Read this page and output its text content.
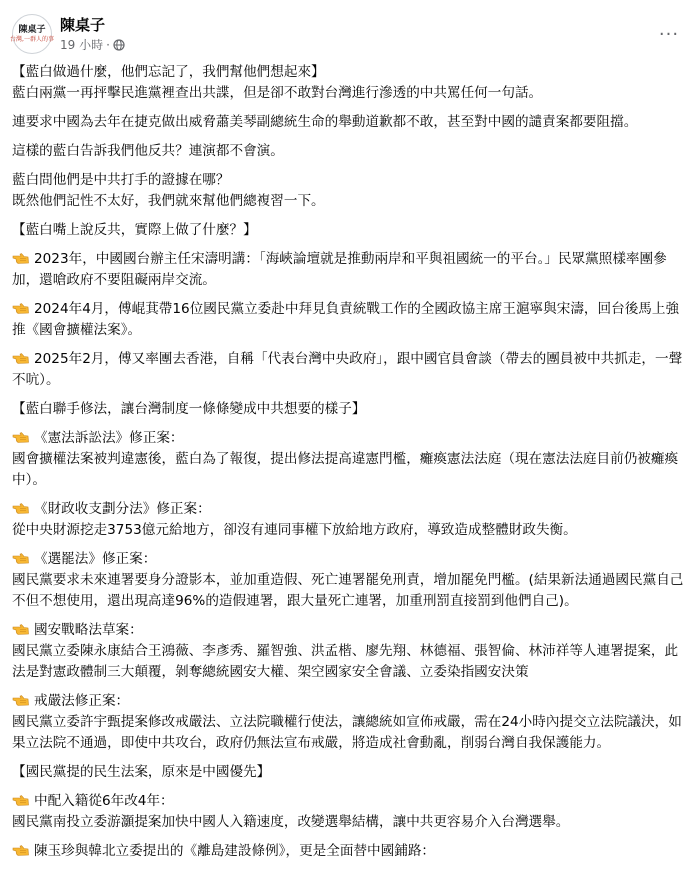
陳桌子
台灣,一群人的事
陳桌子
19 小時 ·	···

【藍白做過什麼，他們忘記了，我們幫他們想起來】

藍白兩黨一再抨擊民進黨裡查出共諜，但是卻不敢對台灣進行滲透的中共罵任何一句話。

連要求中國為去年在捷克做出威脅蕭美琴副總統生命的舉動道歉都不敢，甚至對中國的譴責案都要阻擋。

這樣的藍白告訴我們他反共？連演都不會演。

藍白問他們是中共打手的證據在哪？

既然他們記性不太好，我們就來幫他們總複習一下。

【藍白嘴上說反共，實際上做了什麼？】

2023年，中國國台辦主任宋濤明講：「海峽論壇就是推動兩岸和平與祖國統一的平台。」民眾黨照樣率團參加，還嗆政府不要阻礙兩岸交流。

2024年4月，傅崐萁帶16位國民黨立委赴中拜見負責統戰工作的全國政協主席王滬寧與宋濤，回台後馬上強推《國會擴權法案》。

2025年2月，傅又率團去香港，自稱「代表台灣中央政府」，跟中國官員會談（帶去的團員被中共抓走，一聲不吭）。

【藍白聯手修法，讓台灣制度一條條變成中共想要的樣子】

《憲法訴訟法》修正案：

國會擴權法案被判違憲後，藍白為了報復，提出修法提高違憲門檻，癱瘓憲法法庭（現在憲法法庭目前仍被癱瘓中）。

《財政收支劃分法》修正案：

從中央財源挖走3753億元給地方，卻沒有連同事權下放給地方政府，導致造成整體財政失衡。

《選罷法》修正案：

國民黨要求未來連署要身分證影本，並加重造假、死亡連署罷免刑責，增加罷免門檻。(結果新法通過國民黨自己不但不想使用，還出現高達96%的造假連署，跟大量死亡連署，加重刑罰直接罰到他們自己)。

國安戰略法草案：

國民黨立委陳永康結合王鴻薇、李彥秀、羅智強、洪孟楷、廖先翔、林德福、張智倫、林沛祥等人連署提案，此法是對憲政體制三大顛覆，剝奪總統國安大權、架空國家安全會議、立委染指國安決策

戒嚴法修正案：

國民黨立委許宇甄提案修改戒嚴法、立法院職權行使法，讓總統如宣佈戒嚴，需在24小時內提交立法院議決，如果立法院不通過，即使中共攻台，政府仍無法宣布戒嚴，將造成社會動亂，削弱台灣自我保護能力。

【國民黨提的民生法案，原來是中國優先】

中配入籍從6年改4年：

國民黨南投立委游灝提案加快中國人入籍速度，改變選舉結構，讓中共更容易介入台灣選舉。

陳玉珍與韓北立委提出的《離島建設條例》，更是全面替中國鋪路：
